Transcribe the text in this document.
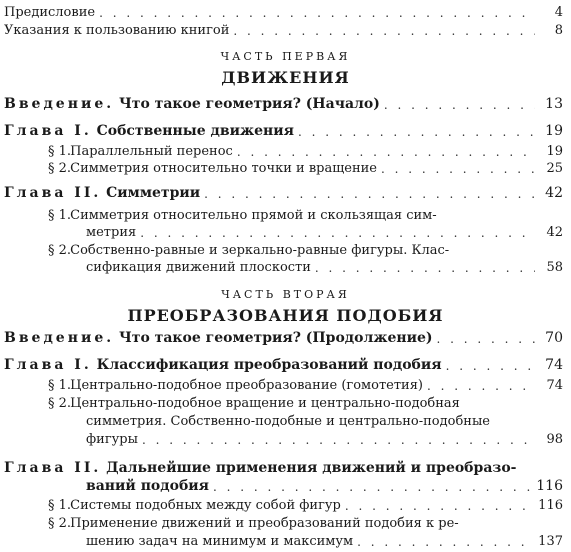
Предисловие . . .	4
Указания к пользованию книгой . . .	8
ЧАСТЬ ПЕРВАЯ
ДВИЖЕНИЯ
Введение. Что такое геометрия? (Начало) . . .	13
Глава I. Собственные движения . . .	19
§ 1. Параллельный перенос . . .	19
§ 2. Симметрия относительно точки и вращение . . .	25
Глава II. Симметрии . . .	42
§ 1. Симметрия относительно прямой и скользящая сим-
метрия . . .	42
§ 2. Собственно-равные и зеркально-равные фигуры. Клас-
сификация движений плоскости . . .	58
ЧАСТЬ ВТОРАЯ
ПРЕОБРАЗОВАНИЯ ПОДОБИЯ
Введение. Что такое геометрия? (Продолжение) . . .	70
Глава I. Классификация преобразований подобия . . .	74
§ 1. Центрально-подобное преобразование (гомотетия) . . .	74
§ 2. Центрально-подобное вращение и центрально-подобная
симметрия. Собственно-подобные и центрально-подобные
фигуры . . .	98
Глава II. Дальнейшие применения движений и преобразо-
ваний подобия . . .	116
§ 1. Системы подобных между собой фигур . . .	116
§ 2. Применение движений и преобразований подобия к ре-
шению задач на минимум и максимум . . .	137
